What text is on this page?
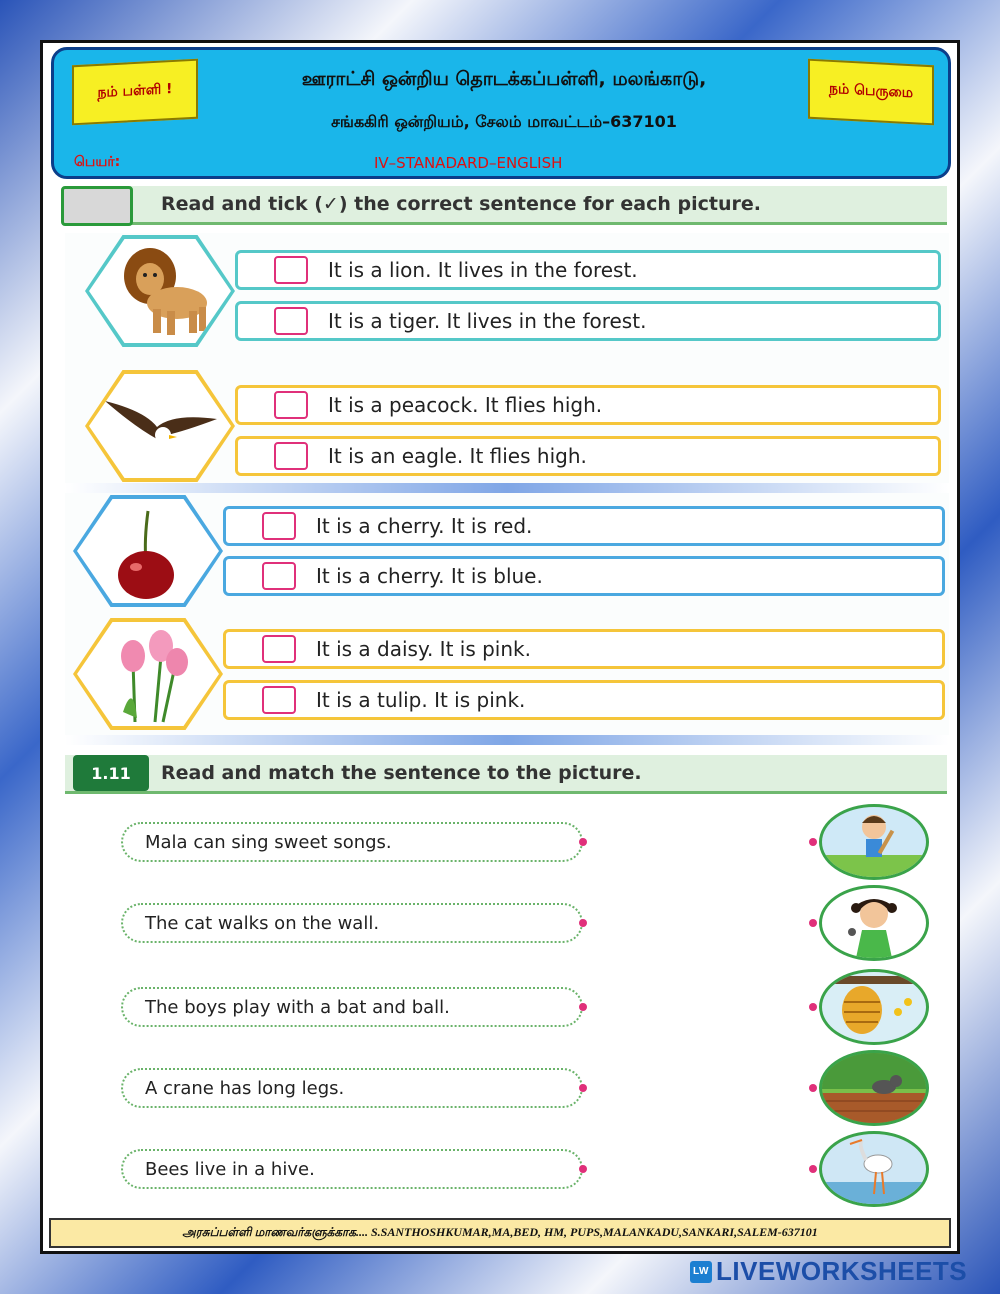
நம் பள்ளி !	நம் பெருமை
ஊராட்சி ஒன்றிய தொடக்கப்பள்ளி, மலங்காடு,
சங்ககிரி ஒன்றியம், சேலம் மாவட்டம்–637101
பெயர்:	IV–STANADARD–ENGLISH
Read and tick (✓) the correct sentence for each picture.
It is a lion. It lives in the forest.
It is a tiger. It lives in the forest.
It is a peacock. It flies high.
It is an eagle. It flies high.
It is a cherry. It is red.
It is a cherry. It is blue.
It is a daisy. It is pink.
It is a tulip. It is pink.
Read and match the sentence to the picture.
1.11
Mala can sing sweet songs.
The cat walks on the wall.
The boys play with a bat and ball.
A crane has long legs.
Bees live in a hive.
அரசுப்பள்ளி மாணவர்களுக்காக.... S.SANTHOSHKUMAR,MA,BED, HM, PUPS,MALANKADU,SANKARI,SALEM-637101
LW LIVEWORKSHEETS
